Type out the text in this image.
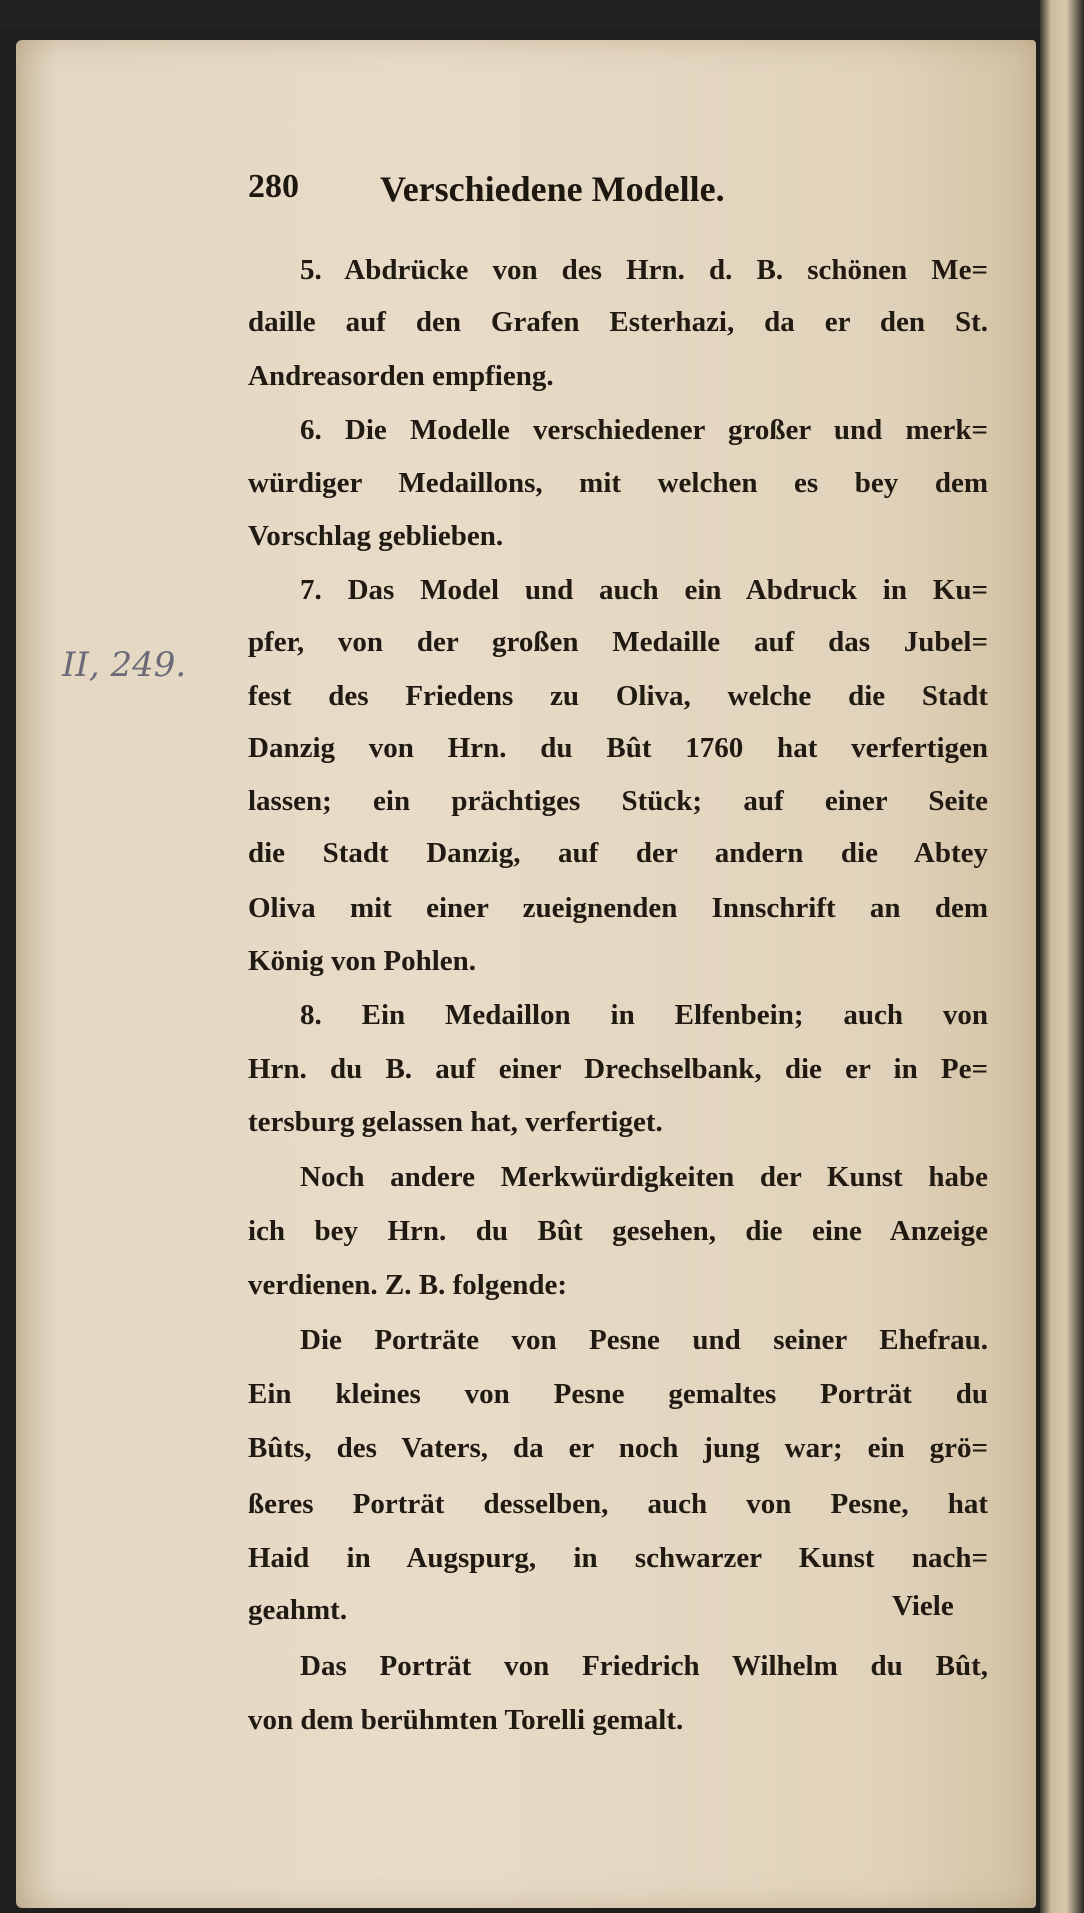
280 Verschiedene Modelle.
II, 249.
5. Abdrücke von des Hrn. d. B. schönen Me=
daille auf den Grafen Esterhazi, da er den St.
Andreasorden empfieng.
6. Die Modelle verschiedener großer und merk=
würdiger Medaillons, mit welchen es bey dem
Vorschlag geblieben.
7. Das Model und auch ein Abdruck in Ku=
pfer, von der großen Medaille auf das Jubel=
fest des Friedens zu Oliva, welche die Stadt
Danzig von Hrn. du Bût 1760 hat verfertigen
lassen; ein prächtiges Stück; auf einer Seite
die Stadt Danzig, auf der andern die Abtey
Oliva mit einer zueignenden Innschrift an dem
König von Pohlen.
8. Ein Medaillon in Elfenbein; auch von
Hrn. du B. auf einer Drechselbank, die er in Pe=
tersburg gelassen hat, verfertiget.
Noch andere Merkwürdigkeiten der Kunst habe
ich bey Hrn. du Bût gesehen, die eine Anzeige
verdienen. Z. B. folgende:
Die Porträte von Pesne und seiner Ehefrau.
Ein kleines von Pesne gemaltes Porträt du
Bûts, des Vaters, da er noch jung war; ein grö=
ßeres Porträt desselben, auch von Pesne, hat
Haid in Augspurg, in schwarzer Kunst nach=
geahmt.
Das Porträt von Friedrich Wilhelm du Bût,
von dem berühmten Torelli gemalt.
Viele
